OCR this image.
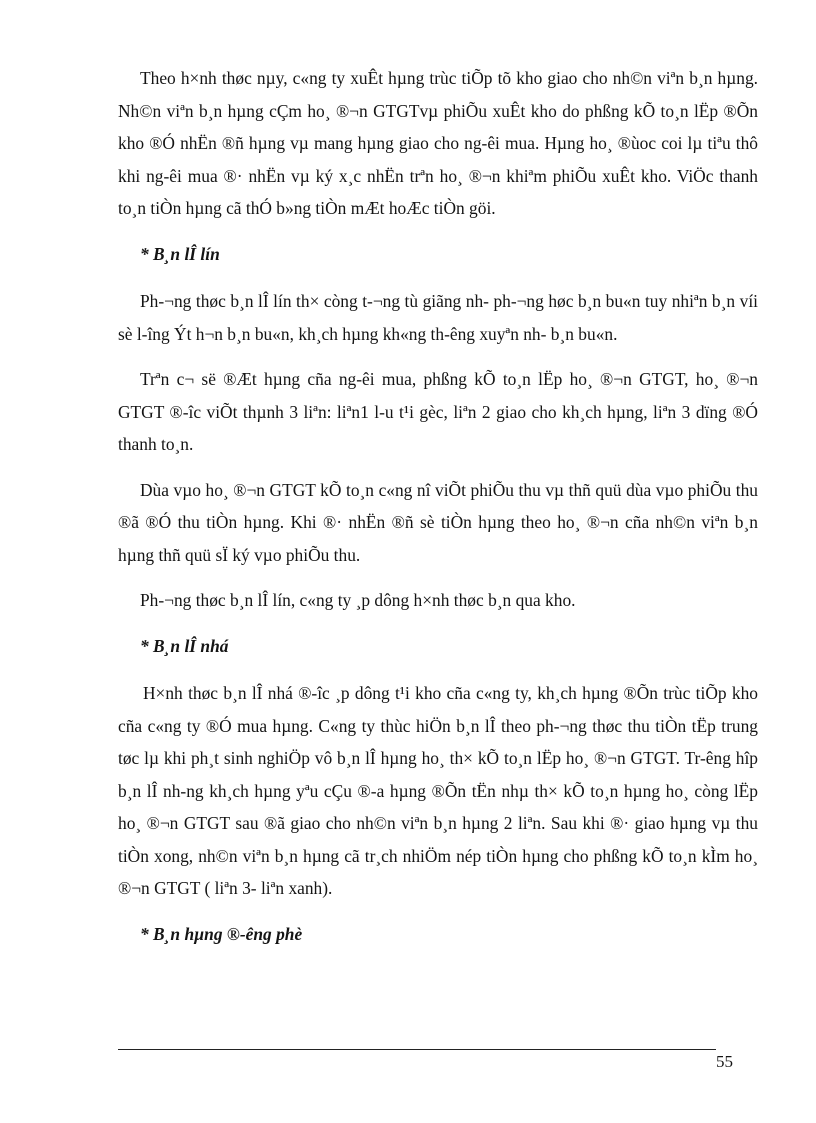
Theo h×nh thøc nµy, c«ng ty xuÊt hµng trùc tiÕp tõ kho giao cho nh©n viªn b¸n hµng. Nh©n viªn b¸n hµng cÇm ho¸ ®¬n GTGTvµ phiÕu xuÊt kho do phßng kÕ to¸n lËp ®Õn kho ®Ó nhËn ®ñ hµng vµ mang hµng giao cho ng-êi mua. Hµng ho¸ ®ùoc coi lµ tiªu thô khi ng-êi mua ®· nhËn vµ ký x¸c nhËn trªn ho¸ ®¬n khiªm phiÕu xuÊt kho. ViÖc thanh to¸n tiÒn hµng cã thÓ b»ng tiÒn mÆt hoÆc tiÒn göi.

* B¸n lÎ lín

Ph-¬ng thøc b¸n lÎ lín th× còng t-¬ng tù giãng nh- ph-¬ng høc b¸n bu«n tuy nhiªn b¸n víi sè l-îng Ýt h¬n b¸n bu«n, kh¸ch hµng kh«ng th-êng xuyªn nh- b¸n bu«n.

Trªn c¬ së ®Æt hµng cña ng-êi mua, phßng kÕ to¸n lËp ho¸ ®¬n GTGT, ho¸ ®¬n GTGT ®-îc viÕt thµnh 3 liªn: liªn1 l-u t¹i gèc, liªn 2 giao cho kh¸ch hµng, liªn 3 dïng ®Ó thanh to¸n.

Dùa vµo ho¸ ®¬n GTGT kÕ to¸n c«ng nî viÕt phiÕu thu vµ thñ quü dùa vµo phiÕu thu ®ã ®Ó thu tiÒn hµng. Khi ®· nhËn ®ñ sè tiÒn hµng theo ho¸ ®¬n cña nh©n viªn b¸n hµng thñ quü sÏ ký vµo phiÕu thu.

Ph-¬ng thøc b¸n lÎ lín, c«ng ty ¸p dông h×nh thøc b¸n qua kho.

* B¸n lÎ nhá

H×nh thøc b¸n lÎ nhá ®-îc ¸p dông t¹i kho cña c«ng ty, kh¸ch hµng ®Õn trùc tiÕp kho cña c«ng ty ®Ó mua hµng. C«ng ty thùc hiÖn b¸n lÎ theo ph-¬ng thøc thu tiÒn tËp trung tøc lµ khi ph¸t sinh nghiÖp vô b¸n lÎ hµng ho¸ th× kÕ to¸n lËp ho¸ ®¬n GTGT. Tr-êng hîp b¸n lÎ nh-ng kh¸ch hµng yªu cÇu ®-a hµng ®Õn tËn nhµ th× kÕ to¸n hµng ho¸ còng lËp ho¸ ®¬n GTGT sau ®ã giao cho nh©n viªn b¸n hµng 2 liªn. Sau khi ®· giao hµng vµ thu tiÒn xong, nh©n viªn b¸n hµng cã tr¸ch nhiÖm nép tiÒn hµng cho phßng kÕ to¸n kÌm ho¸ ®¬n GTGT ( liªn 3- liªn xanh).

* B¸n hµng ®-êng phè

55
